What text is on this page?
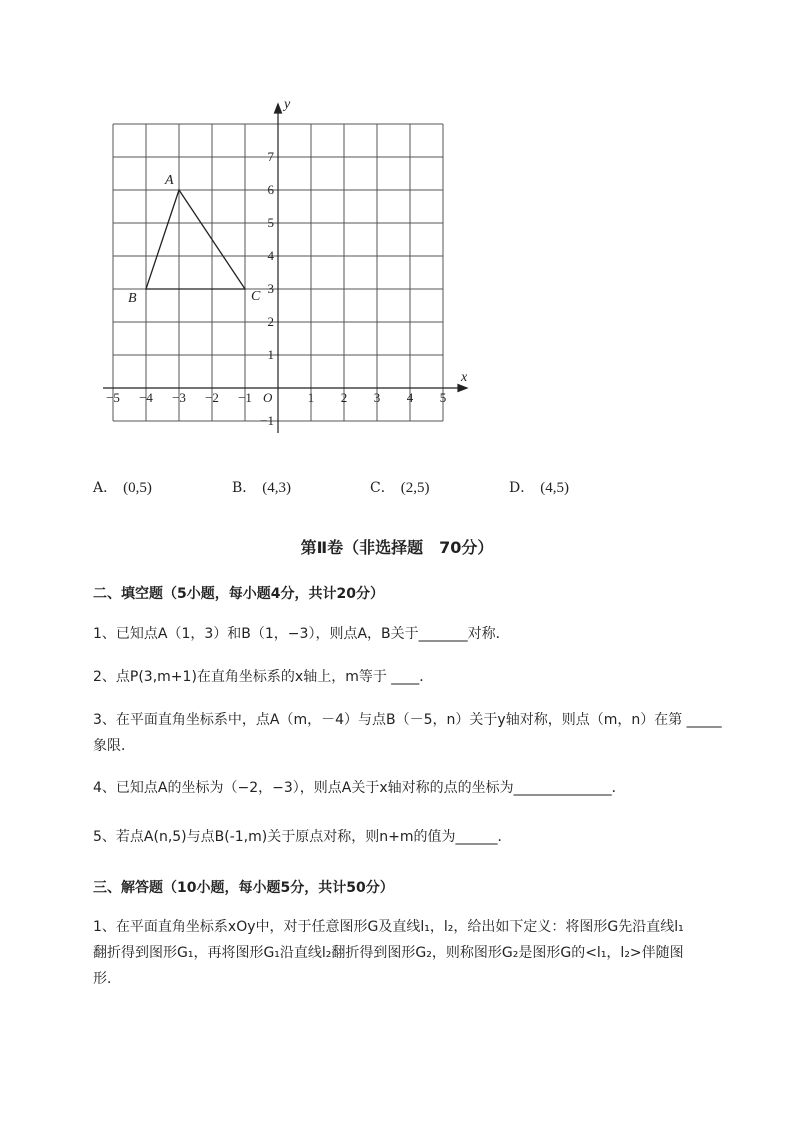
x
y
−5 −4 −3 −2 −1	1 2 3 4 5
7
6
5
4
3
2
1
−1
O
A
B	C
A． (0,5)	B． (4,3)	C． (2,5)	D． (4,5)
第Ⅱ卷（非选择题　70分）
二、填空题（5小题，每小题4分，共计20分）
1、已知点A（1，3）和B（1，−3），则点A，B关于_______对称．
2、点P(3,m+1)在直角坐标系的x轴上，m等于 ____．
3、在平面直角坐标系中，点A（m，－4）与点B（－5，n）关于y轴对称，则点（m，n）在第 _____
象限．
4、已知点A的坐标为（−2，−3），则点A关于x轴对称的点的坐标为______________．
5、若点A(n,5)与点B(-1,m)关于原点对称，则n+m的值为______．
三、解答题（10小题，每小题5分，共计50分）
1、在平面直角坐标系xOy中，对于任意图形G及直线l₁，l₂，给出如下定义：将图形G先沿直线l₁
翻折得到图形G₁，再将图形G₁沿直线l₂翻折得到图形G₂，则称图形G₂是图形G的<l₁，l₂>伴随图
形．
